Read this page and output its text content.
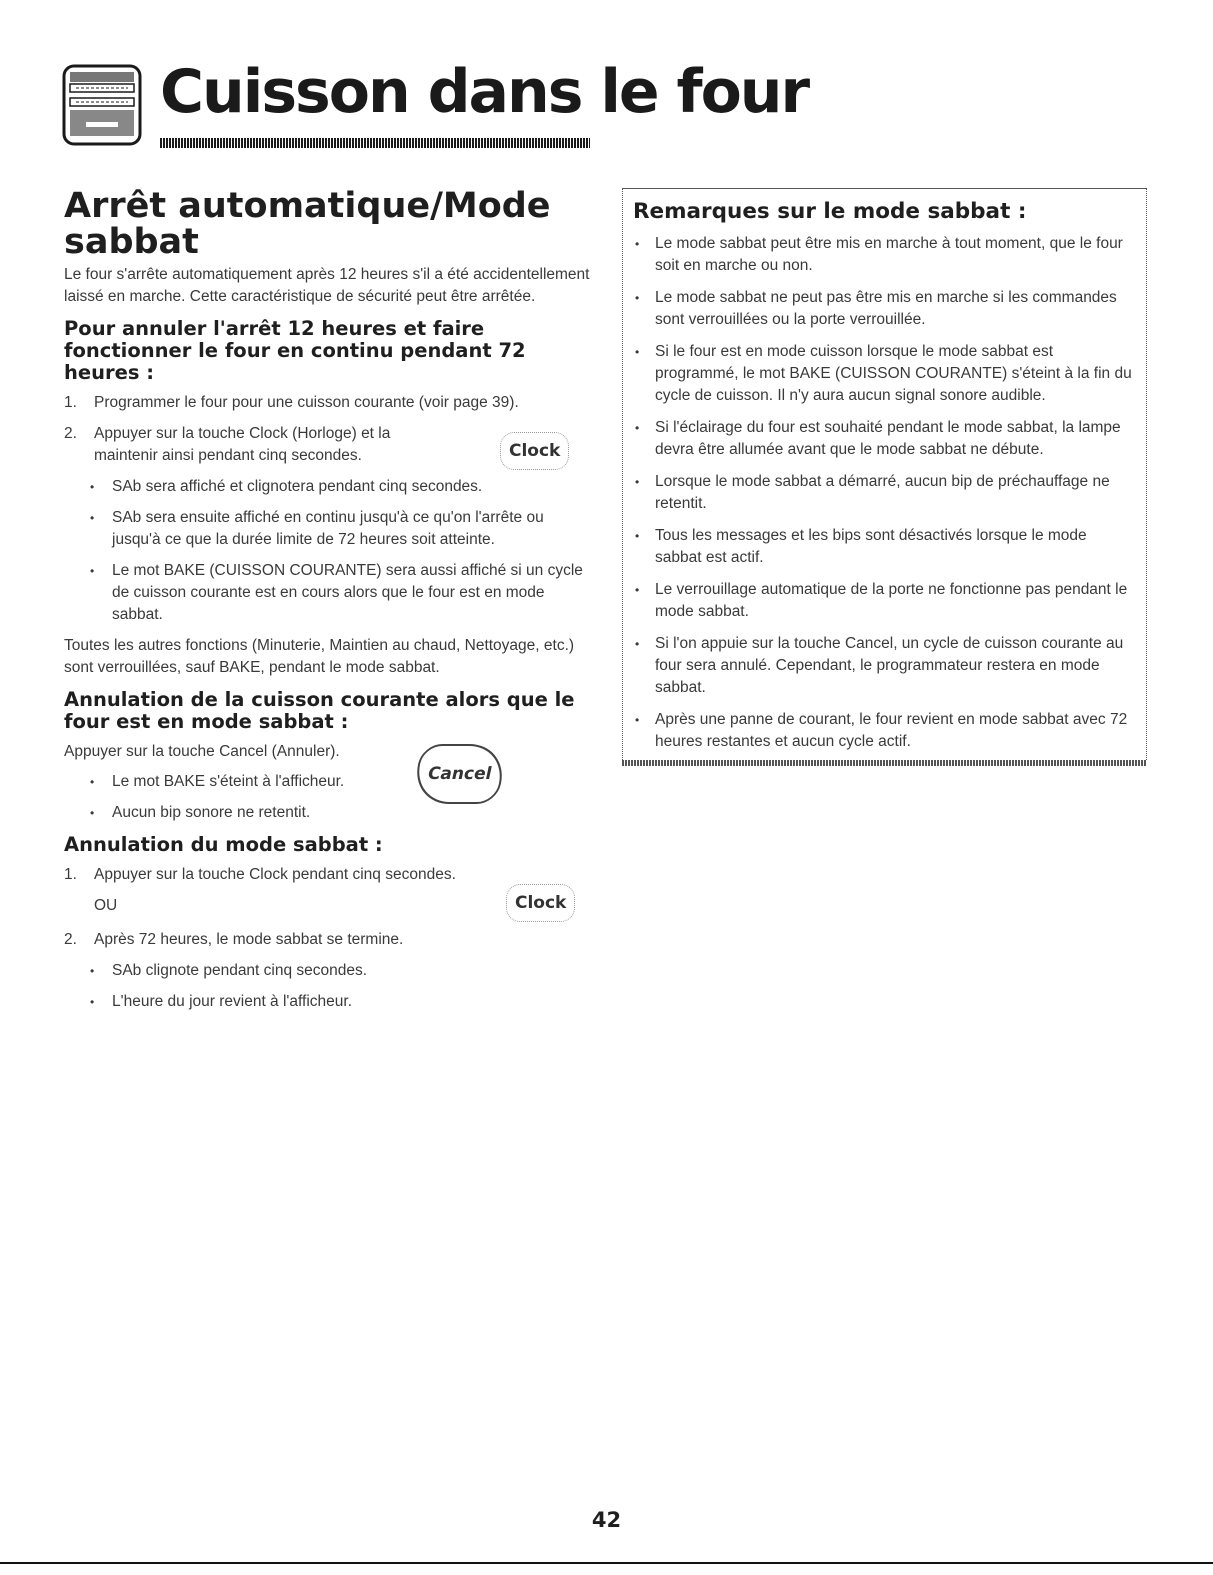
Cuisson dans le four
Arrêt automatique/Mode sabbat

Le four s'arrête automatiquement après 12 heures s'il a été accidentellement laissé en marche. Cette caractéristique de sécurité peut être arrêtée.

Pour annuler l'arrêt 12 heures et faire fonctionner le four en continu pendant 72 heures :
1. Programmer le four pour une cuisson courante (voir page 39).
2. Appuyer sur la touche Clock (Horloge) et la maintenir ainsi pendant cinq secondes.
• SAb sera affiché et clignotera pendant cinq secondes.
• SAb sera ensuite affiché en continu jusqu'à ce qu'on l'arrête ou jusqu'à ce que la durée limite de 72 heures soit atteinte.
• Le mot BAKE (CUISSON COURANTE) sera aussi affiché si un cycle de cuisson courante est en cours alors que le four est en mode sabbat.

Toutes les autres fonctions (Minuterie, Maintien au chaud, Nettoyage, etc.) sont verrouillées, sauf BAKE, pendant le mode sabbat.

Annulation de la cuisson courante alors que le four est en mode sabbat :

Appuyer sur la touche Cancel (Annuler).

• Le mot BAKE s'éteint à l'afficheur.
• Aucun bip sonore ne retentit.
Annulation du mode sabbat :
1. Appuyer sur la touche Clock pendant cinq secondes.
OU
2. Après 72 heures, le mode sabbat se termine.
• SAb clignote pendant cinq secondes.
• L'heure du jour revient à l'afficheur.
Clock
Cancel
Clock
Remarques sur le mode sabbat :
• Le mode sabbat peut être mis en marche à tout moment, que le four soit en marche ou non.
• Le mode sabbat ne peut pas être mis en marche si les commandes sont verrouillées ou la porte verrouillée.
• Si le four est en mode cuisson lorsque le mode sabbat est programmé, le mot BAKE (CUISSON COURANTE) s'éteint à la fin du cycle de cuisson. Il n'y aura aucun signal sonore audible.
• Si l'éclairage du four est souhaité pendant le mode sabbat, la lampe devra être allumée avant que le mode sabbat ne débute.
• Lorsque le mode sabbat a démarré, aucun bip de préchauffage ne retentit.
• Tous les messages et les bips sont désactivés lorsque le mode sabbat est actif.
• Le verrouillage automatique de la porte ne fonctionne pas pendant le mode sabbat.
• Si l'on appuie sur la touche Cancel, un cycle de cuisson courante au four sera annulé. Cependant, le programmateur restera en mode sabbat.
• Après une panne de courant, le four revient en mode sabbat avec 72 heures restantes et aucun cycle actif.
42
